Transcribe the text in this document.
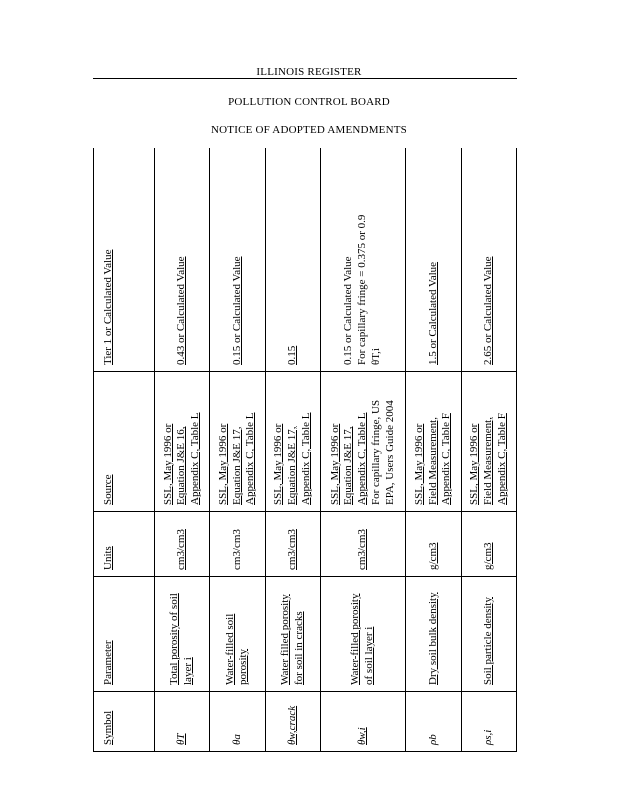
ILLINOIS REGISTER
POLLUTION CONTROL BOARD
NOTICE OF ADOPTED AMENDMENTS
Symbol	Parameter	Units	Source	Tier 1 or Calculated Value
θT	Total porosity of soil layer i	cm3/cm3	SSL, May 1996 or Equation J&E 16, Appendix C, Table L	0.43 or Calculated Value

θa	Water-filled soil porosity	cm3/cm3	SSL, May 1996 or Equation J&E 17, Appendix C, Table L	0.15 or Calculated Value

θw,crack	Water filled porosity for soil in cracks	cm3/cm3	SSL, May 1996 or Equation J&E 17, Appendix C, Table L	0.15

θw,i	Water-filled porosity of soil layer i	cm3/cm3	SSL, May 1996 or Equation J&E 17, Appendix C, Table L For capillary fringe, US EPA, Users Guide 2004	0.15 or Calculated Value For capillary fringe = 0.375 or 0.9 θT,i

ρb	Dry soil bulk density	g/cm3	SSL, May 1996 or Field Measurement, Appendix C, Table F	1.5 or Calculated Value

ρs,i	Soil particle density	g/cm3	SSL, May 1996 or Field Measurement, Appendix C, Table F	2.65 or Calculated Value
